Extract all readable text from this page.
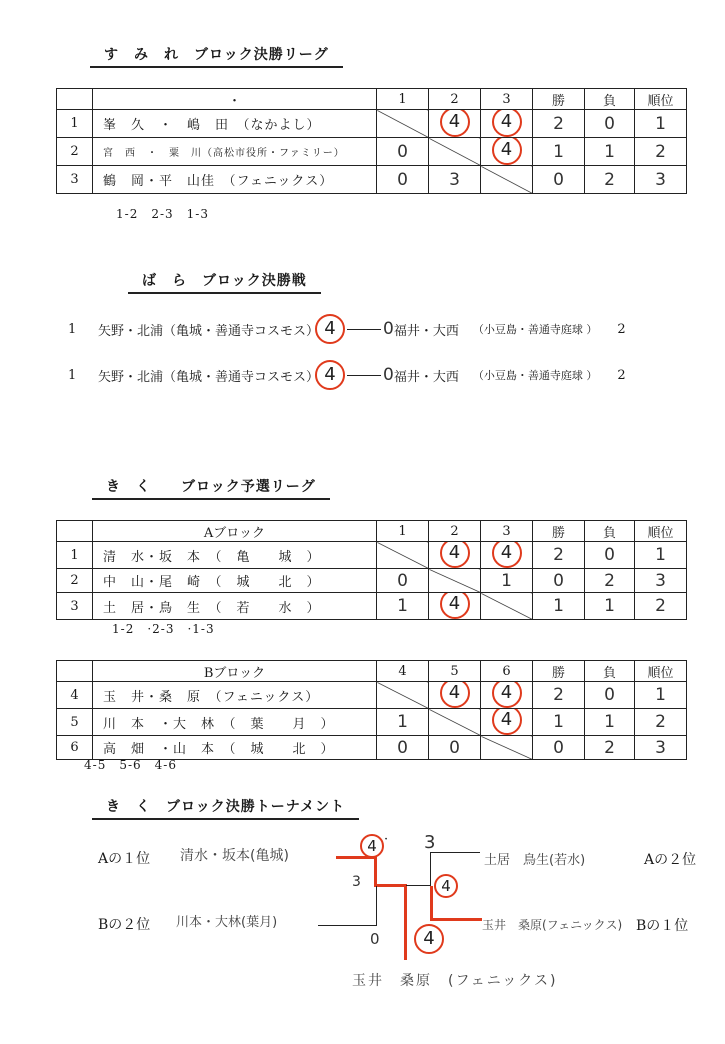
す　み　れ　ブロック決勝リーグ
	・	1	2	3	勝	負	順位
1	峯　久　・　嶋　田　（なかよし）		4	4	2	0	1
2	宮　西　・　粟　川（高松市役所・ファミリー）	0		4	1	1	2
3	鶴　岡・平　山佳　（フェニックス）	0	3		0	2	3
1-2　2-3　1-3
ば　ら　ブロック決勝戦
1	矢野・北浦（亀城・善通寺コスモス） 4	0 福井・大西 （小豆島・善通寺庭球 ） 2
1	矢野・北浦（亀城・善通寺コスモス） 4	0 福井・大西 （小豆島・善通寺庭球 ） 2
き　く　　ブロック予選リーグ
	Aブロック	1	2	3	勝	負	順位
1	清　水・坂　本　（　亀　　城　）		4	4	2	0	1
2	中　山・尾　崎　（　城　　北　）	0		1	0	2	3
3	土　居・鳥　生　（　若　　水　）	1	4		1	1	2
1-2　·2-3　·1-3
	Bブロック	4	5	6	勝	負	順位
4	玉　井・桑　原　（フェニックス）		4	4	2	0	1
5	川　本　・大　林　（　葉　　月　）	1		4	1	1	2
6	高　畑　・山　本　（　城　　北　）	0	0		0	2	3
4-5　5-6　4-6
き　く　ブロック決勝トーナメント
Aの１位 清水・坂本(亀城)
Bの２位 川本・大林(葉月)
土居　鳥生(若水)	Aの２位
玉井　桑原(フェニックス) Bの１位
4 · 3
3	4
4
0
玉井　桑原　(フェニックス)
